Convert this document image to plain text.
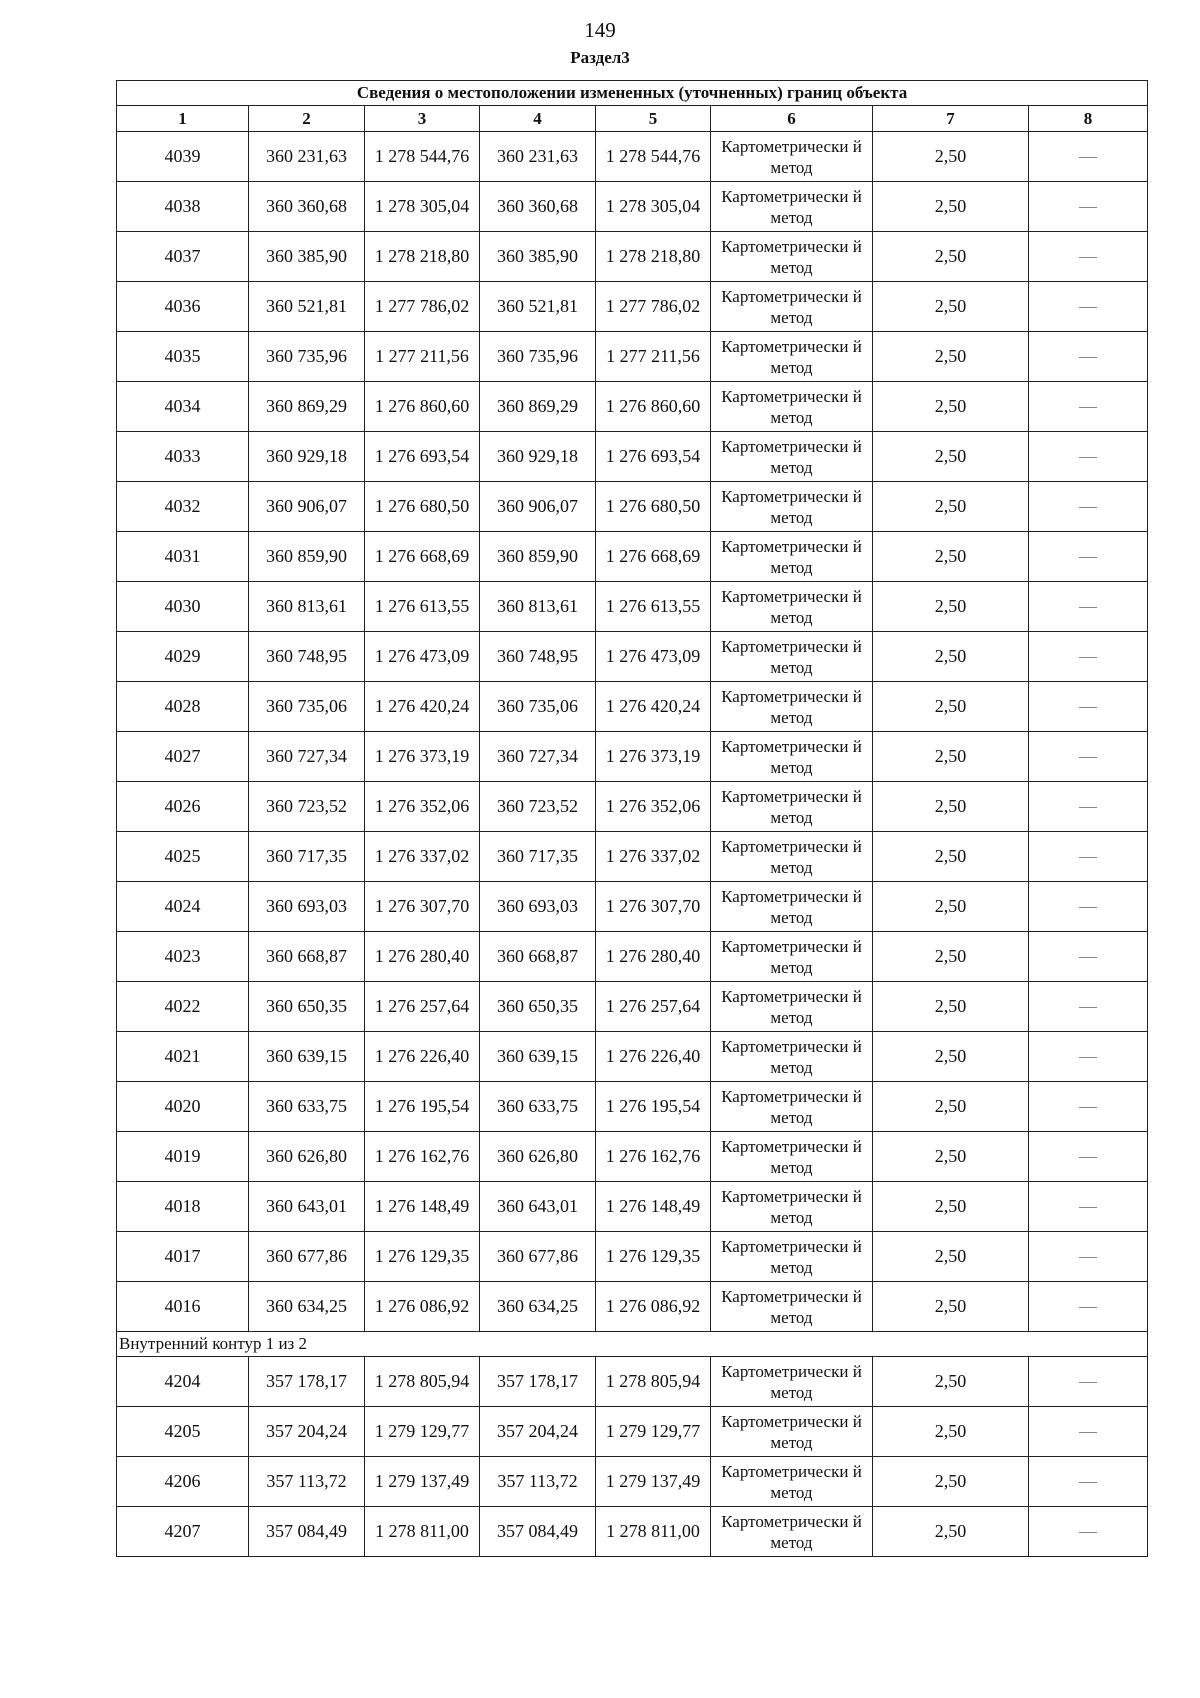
149
Раздел3
Сведения о местоположении измененных (уточненных) границ объекта							
1	2	3	4	5	6	7	8
4039	360 231,63	1 278 544,76	360 231,63	1 278 544,76	Картометрически й метод	2,50	—
4038	360 360,68	1 278 305,04	360 360,68	1 278 305,04	Картометрически й метод	2,50	—
4037	360 385,90	1 278 218,80	360 385,90	1 278 218,80	Картометрически й метод	2,50	—
4036	360 521,81	1 277 786,02	360 521,81	1 277 786,02	Картометрически й метод	2,50	—
4035	360 735,96	1 277 211,56	360 735,96	1 277 211,56	Картометрически й метод	2,50	—
4034	360 869,29	1 276 860,60	360 869,29	1 276 860,60	Картометрически й метод	2,50	—
4033	360 929,18	1 276 693,54	360 929,18	1 276 693,54	Картометрически й метод	2,50	—
4032	360 906,07	1 276 680,50	360 906,07	1 276 680,50	Картометрически й метод	2,50	—
4031	360 859,90	1 276 668,69	360 859,90	1 276 668,69	Картометрически й метод	2,50	—
4030	360 813,61	1 276 613,55	360 813,61	1 276 613,55	Картометрически й метод	2,50	—
4029	360 748,95	1 276 473,09	360 748,95	1 276 473,09	Картометрически й метод	2,50	—
4028	360 735,06	1 276 420,24	360 735,06	1 276 420,24	Картометрически й метод	2,50	—
4027	360 727,34	1 276 373,19	360 727,34	1 276 373,19	Картометрически й метод	2,50	—
4026	360 723,52	1 276 352,06	360 723,52	1 276 352,06	Картометрически й метод	2,50	—
4025	360 717,35	1 276 337,02	360 717,35	1 276 337,02	Картометрически й метод	2,50	—
4024	360 693,03	1 276 307,70	360 693,03	1 276 307,70	Картометрически й метод	2,50	—
4023	360 668,87	1 276 280,40	360 668,87	1 276 280,40	Картометрически й метод	2,50	—
4022	360 650,35	1 276 257,64	360 650,35	1 276 257,64	Картометрически й метод	2,50	—
4021	360 639,15	1 276 226,40	360 639,15	1 276 226,40	Картометрически й метод	2,50	—
4020	360 633,75	1 276 195,54	360 633,75	1 276 195,54	Картометрически й метод	2,50	—
4019	360 626,80	1 276 162,76	360 626,80	1 276 162,76	Картометрически й метод	2,50	—
4018	360 643,01	1 276 148,49	360 643,01	1 276 148,49	Картометрически й метод	2,50	—
4017	360 677,86	1 276 129,35	360 677,86	1 276 129,35	Картометрически й метод	2,50	—
4016	360 634,25	1 276 086,92	360 634,25	1 276 086,92	Картометрически й метод	2,50	—
Внутренний контур 1 из 2							
4204	357 178,17	1 278 805,94	357 178,17	1 278 805,94	Картометрически й метод	2,50	—
4205	357 204,24	1 279 129,77	357 204,24	1 279 129,77	Картометрически й метод	2,50	—
4206	357 113,72	1 279 137,49	357 113,72	1 279 137,49	Картометрически й метод	2,50	—
4207	357 084,49	1 278 811,00	357 084,49	1 278 811,00	Картометрически й метод	2,50	—
